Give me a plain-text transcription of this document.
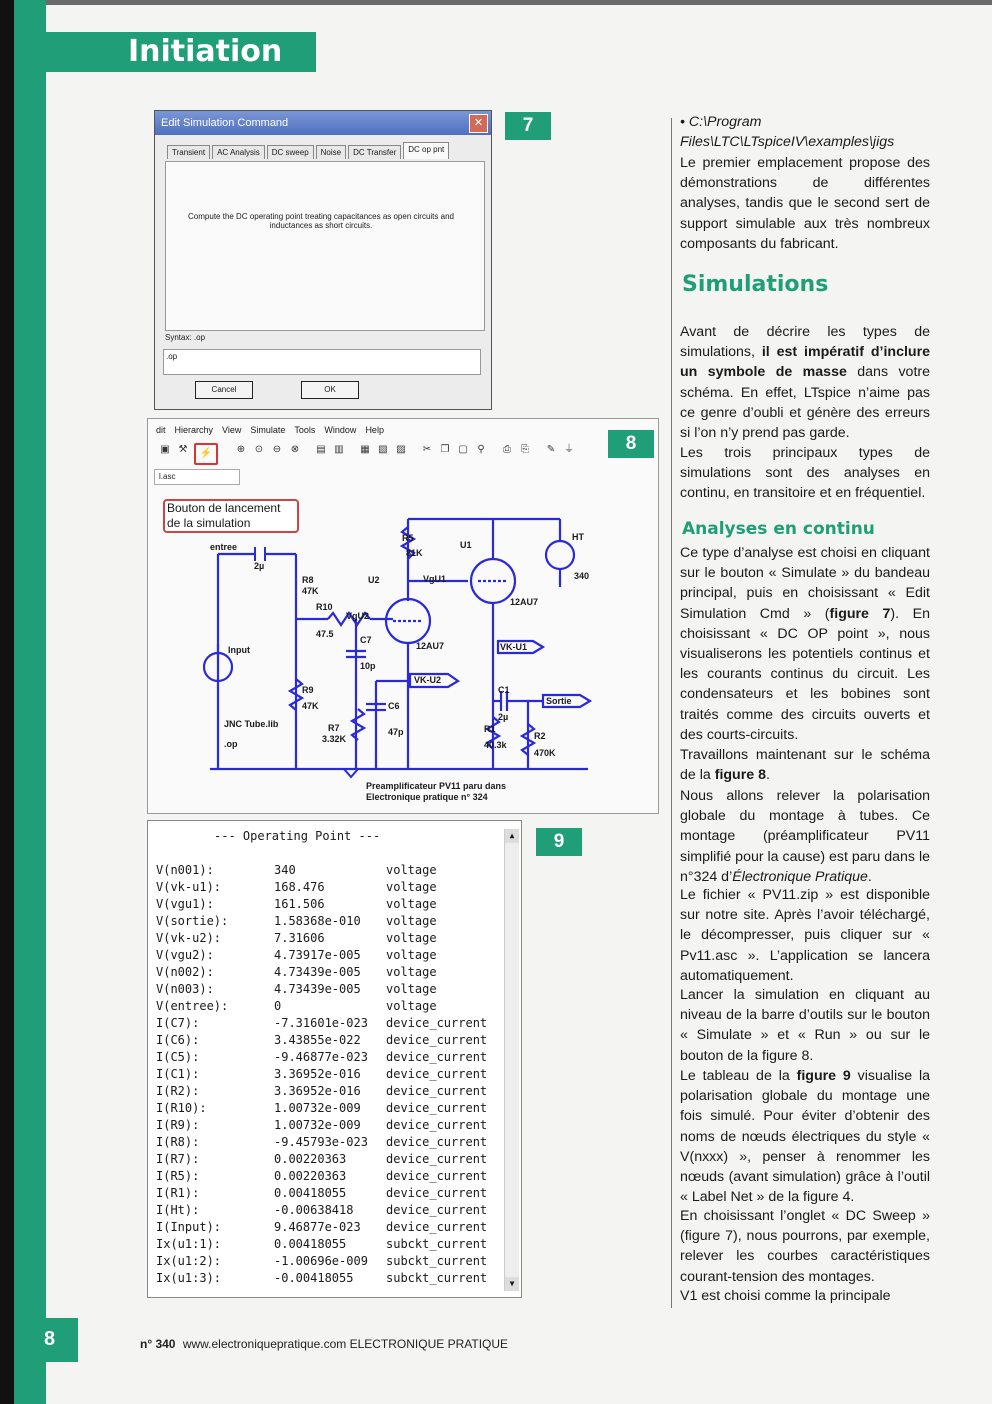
Initiation
Edit Simulation Command	✕
Transient	AC Analysis	DC sweep	Noise	DC Transfer	DC op pnt
Compute the DC operating point treating capacitances as open circuits and inductances as short circuits.
Syntax: .op
.op
Cancel	OK
7
dit Hierarchy View Simulate Tools Window Help
▣ ⚒	⚡	⊕ ⊙ ⊖ ⊗ ▤ ▥ ▦ ▧ ▨ ✂ ❐ ▢ ⚲	⎙	⎘	✎ ⏚
l.asc
Bouton de lancement de la simulation
entree
2µ
R8
47K
R10
47.5
U2
VgU2
C7
10p
12AU7
Input
R9
47K
JNC Tube.lib
.op
R7
3.32K
C6
47p
VK-U2
R5
81K
U1
VgU1
12AU7
VK-U1
C1
2µ
Sortie
R1
40.3k
R2
470K
HT
340
Preamplificateur PV11 paru dans Electronique pratique n° 324
8
--- Operating Point ---
V(n001):	340	voltage
V(vk-u1):	168.476	voltage
V(vgu1):	161.506	voltage
V(sortie):	1.58368e-010 voltage
V(vk-u2):	7.31606	voltage
V(vgu2):	4.73917e-005 voltage
V(n002):	4.73439e-005 voltage
V(n003):	4.73439e-005 voltage
V(entree):	0	voltage
I(C7):	-7.31601e-023 device_current
I(C6):	3.43855e-022 device_current
I(C5):	-9.46877e-023 device_current
I(C1):	3.36952e-016 device_current
I(R2):	3.36952e-016 device_current
I(R10):	1.00732e-009 device_current
I(R9):	1.00732e-009 device_current
I(R8):	-9.45793e-023 device_current
I(R7):	0.00220363	device_current
I(R5):	0.00220363	device_current
I(R1):	0.00418055	device_current
I(Ht):	-0.00638418	device_current
I(Input):	9.46877e-023 device_current
Ix(u1:1):	0.00418055	subckt_current
Ix(u1:2):	-1.00696e-009 subckt_current
Ix(u1:3):	-0.00418055	subckt_current
▲
▼
9
• C:\Program Files\LTC\LTspiceIV\examples\jigs
Le premier emplacement propose des démonstrations de différentes analyses, tandis que le second sert de support simulable aux très nombreux composants du fabricant.
Simulations
Avant de décrire les types de simulations, il est impératif d’inclure un symbole de masse dans votre schéma. En effet, LTspice n’aime pas ce genre d’oubli et génère des erreurs si l’on n’y prend pas garde.
Les trois principaux types de simulations sont des analyses en continu, en transitoire et en fréquentiel.
Analyses en continu
Ce type d’analyse est choisi en cliquant sur le bouton « Simulate » du bandeau principal, puis en choisissant « Edit Simulation Cmd » (figure 7). En choisissant « DC OP point », nous visualiserons les potentiels continus et les courants continus du circuit. Les condensateurs et les bobines sont traités comme des circuits ouverts et des courts-circuits.
Travaillons maintenant sur le schéma de la figure 8.
Nous allons relever la polarisation globale du montage à tubes. Ce montage (préamplificateur PV11 simplifié pour la cause) est paru dans le n°324 d’Électronique Pratique.
Le fichier « PV11.zip » est disponible sur notre site. Après l’avoir téléchargé, le décompresser, puis cliquer sur « Pv11.asc ». L’application se lancera automatiquement.
Lancer la simulation en cliquant au niveau de la barre d’outils sur le bouton « Simulate » et « Run » ou sur le bouton de la figure 8.
Le tableau de la figure 9 visualise la polarisation globale du montage une fois simulé. Pour éviter d’obtenir des noms de nœuds électriques du style « V(nxxx) », penser à renommer les nœuds (avant simulation) grâce à l’outil « Label Net » de la figure 4.
En choisissant l’onglet « DC Sweep » (figure 7), nous pourrons, par exemple, relever les courbes caractéristiques courant-tension des montages.
V1 est choisi comme la principale
8	n° 340 www.electroniquepratique.com ELECTRONIQUE PRATIQUE
